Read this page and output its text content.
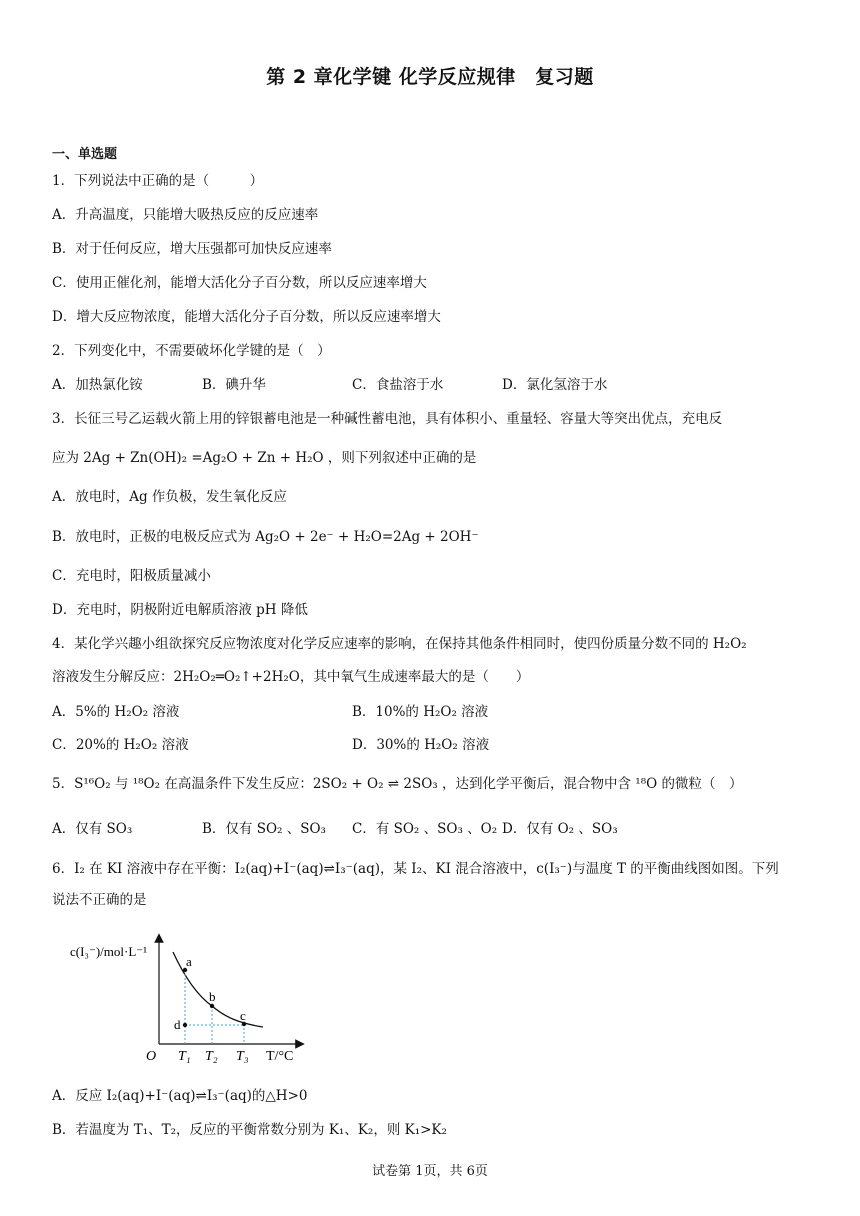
第 2 章化学键 化学反应规律　复习题
一、单选题
1．下列说法中正确的是（　　　）
A．升高温度，只能增大吸热反应的反应速率
B．对于任何反应，增大压强都可加快反应速率
C．使用正催化剂，能增大活化分子百分数，所以反应速率增大
D．增大反应物浓度，能增大活化分子百分数，所以反应速率增大
2．下列变化中，不需要破坏化学键的是（　）
A．加热氯化铵	B．碘升华	C．食盐溶于水	D．氯化氢溶于水
3．长征三号乙运载火箭上用的锌银蓄电池是一种碱性蓄电池，具有体积小、重量轻、容量大等突出优点，充电反
应为 2Ag + Zn(OH)₂ =Ag₂O + Zn + H₂O ，则下列叙述中正确的是
A．放电时，Ag 作负极，发生氧化反应
B．放电时，正极的电极反应式为 Ag₂O + 2e⁻ + H₂O=2Ag + 2OH⁻
C．充电时，阳极质量减小
D．充电时，阴极附近电解质溶液 pH 降低
4．某化学兴趣小组欲探究反应物浓度对化学反应速率的影响，在保持其他条件相同时，使四份质量分数不同的 H₂O₂
溶液发生分解反应：2H₂O₂═O₂↑+2H₂O，其中氧气生成速率最大的是（　　）
A．5%的 H₂O₂ 溶液	B．10%的 H₂O₂ 溶液
C．20%的 H₂O₂ 溶液	D．30%的 H₂O₂ 溶液
5．S¹⁶O₂ 与 ¹⁸O₂ 在高温条件下发生反应：2SO₂ + O₂ ⇌ 2SO₃ ，达到化学平衡后，混合物中含 ¹⁸O 的微粒（　）
A．仅有 SO₃	B．仅有 SO₂ 、SO₃ C．有 SO₂ 、SO₃ 、O₂ D．仅有 O₂ 、SO₃
6．I₂ 在 KI 溶液中存在平衡：I₂(aq)+I⁻(aq)⇌I₃⁻(aq)，某 I₂、KI 混合溶液中，c(I₃⁻)与温度 T 的平衡曲线图如图。下列
说法不正确的是
c(I₃⁻)/mol·L⁻¹
a
b
c
d
O T₁ T₂ T₃ T/°C
A．反应 I₂(aq)+I⁻(aq)⇌I₃⁻(aq)的△H>0
B．若温度为 T₁、T₂，反应的平衡常数分别为 K₁、K₂，则 K₁>K₂
试卷第 1页，共 6页
